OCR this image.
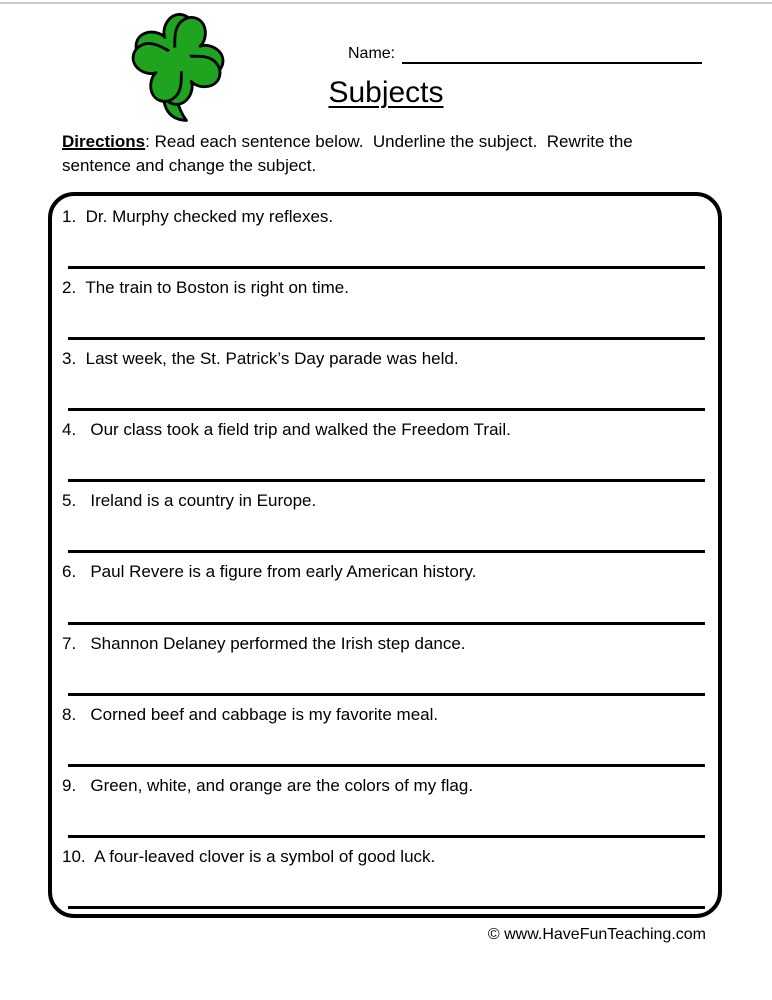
Name:
Subjects
Directions: Read each sentence below.  Underline the subject.  Rewrite the sentence and change the subject.
1.  Dr. Murphy checked my reflexes.
2.  The train to Boston is right on time.
3.  Last week, the St. Patrick’s Day parade was held.
4.   Our class took a field trip and walked the Freedom Trail.
5.   Ireland is a country in Europe.
6.   Paul Revere is a figure from early American history.
7.   Shannon Delaney performed the Irish step dance.
8.   Corned beef and cabbage is my favorite meal.
9.   Green, white, and orange are the colors of my flag.
10.  A four-leaved clover is a symbol of good luck.
© www.HaveFunTeaching.com
